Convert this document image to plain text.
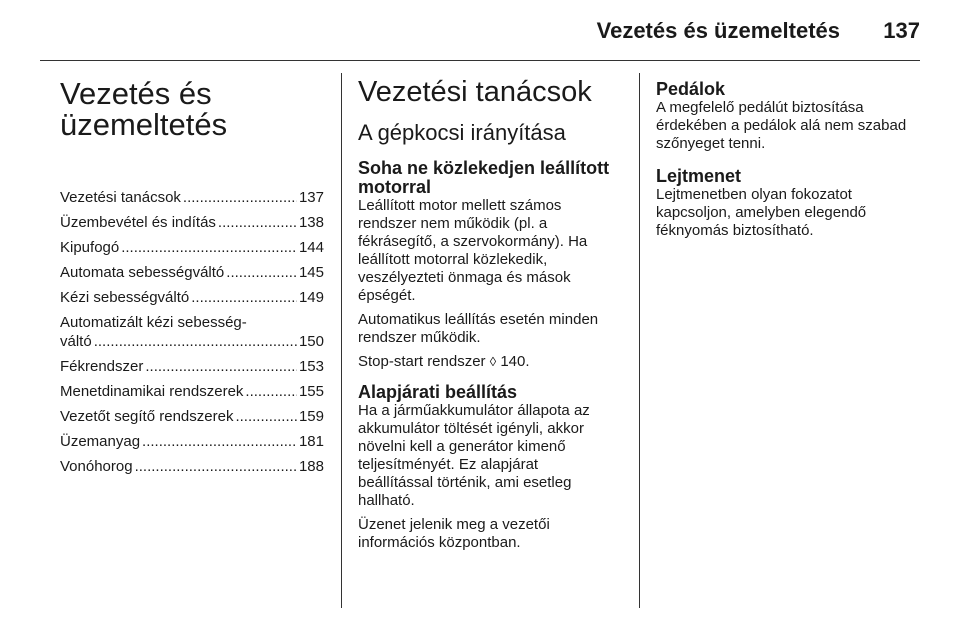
Vezetés és üzemeltetés 137
Vezetés és
üzemeltetés
Vezetési tanácsok .....	137
Üzembevétel és indítás .....	138
Kipufogó .....	144
Automata sebességváltó .....	145
Kézi sebességváltó .....	149
Automatizált kézi sebesség-
váltó .....	150
Fékrendszer .....	153
Menetdinamikai rendszerek .....	155
Vezetőt segítő rendszerek .....	159
Üzemanyag .....	181
Vonóhorog .....	188
Vezetési tanácsok
A gépkocsi irányítása
Soha ne közlekedjen leállított
motorral

Leállított motor mellett számos
rendszer nem működik (pl. a
fékrásegítő, a szervokormány). Ha
leállított motorral közlekedik,
veszélyezteti önmaga és mások
épségét.

Automatikus leállítás esetén minden
rendszer működik.

Stop-start rendszer ◊ 140.

Alapjárati beállítás

Ha a járműakkumulátor állapota az
akkumulátor töltését igényli, akkor
növelni kell a generátor kimenő
teljesítményét. Ez alapjárat
beállítással történik, ami esetleg
hallható.

Üzenet jelenik meg a vezetői
információs központban.

Pedálok

A megfelelő pedálút biztosítása
érdekében a pedálok alá nem szabad
szőnyeget tenni.

Lejtmenet

Lejtmenetben olyan fokozatot
kapcsoljon, amelyben elegendő
féknyomás biztosítható.
